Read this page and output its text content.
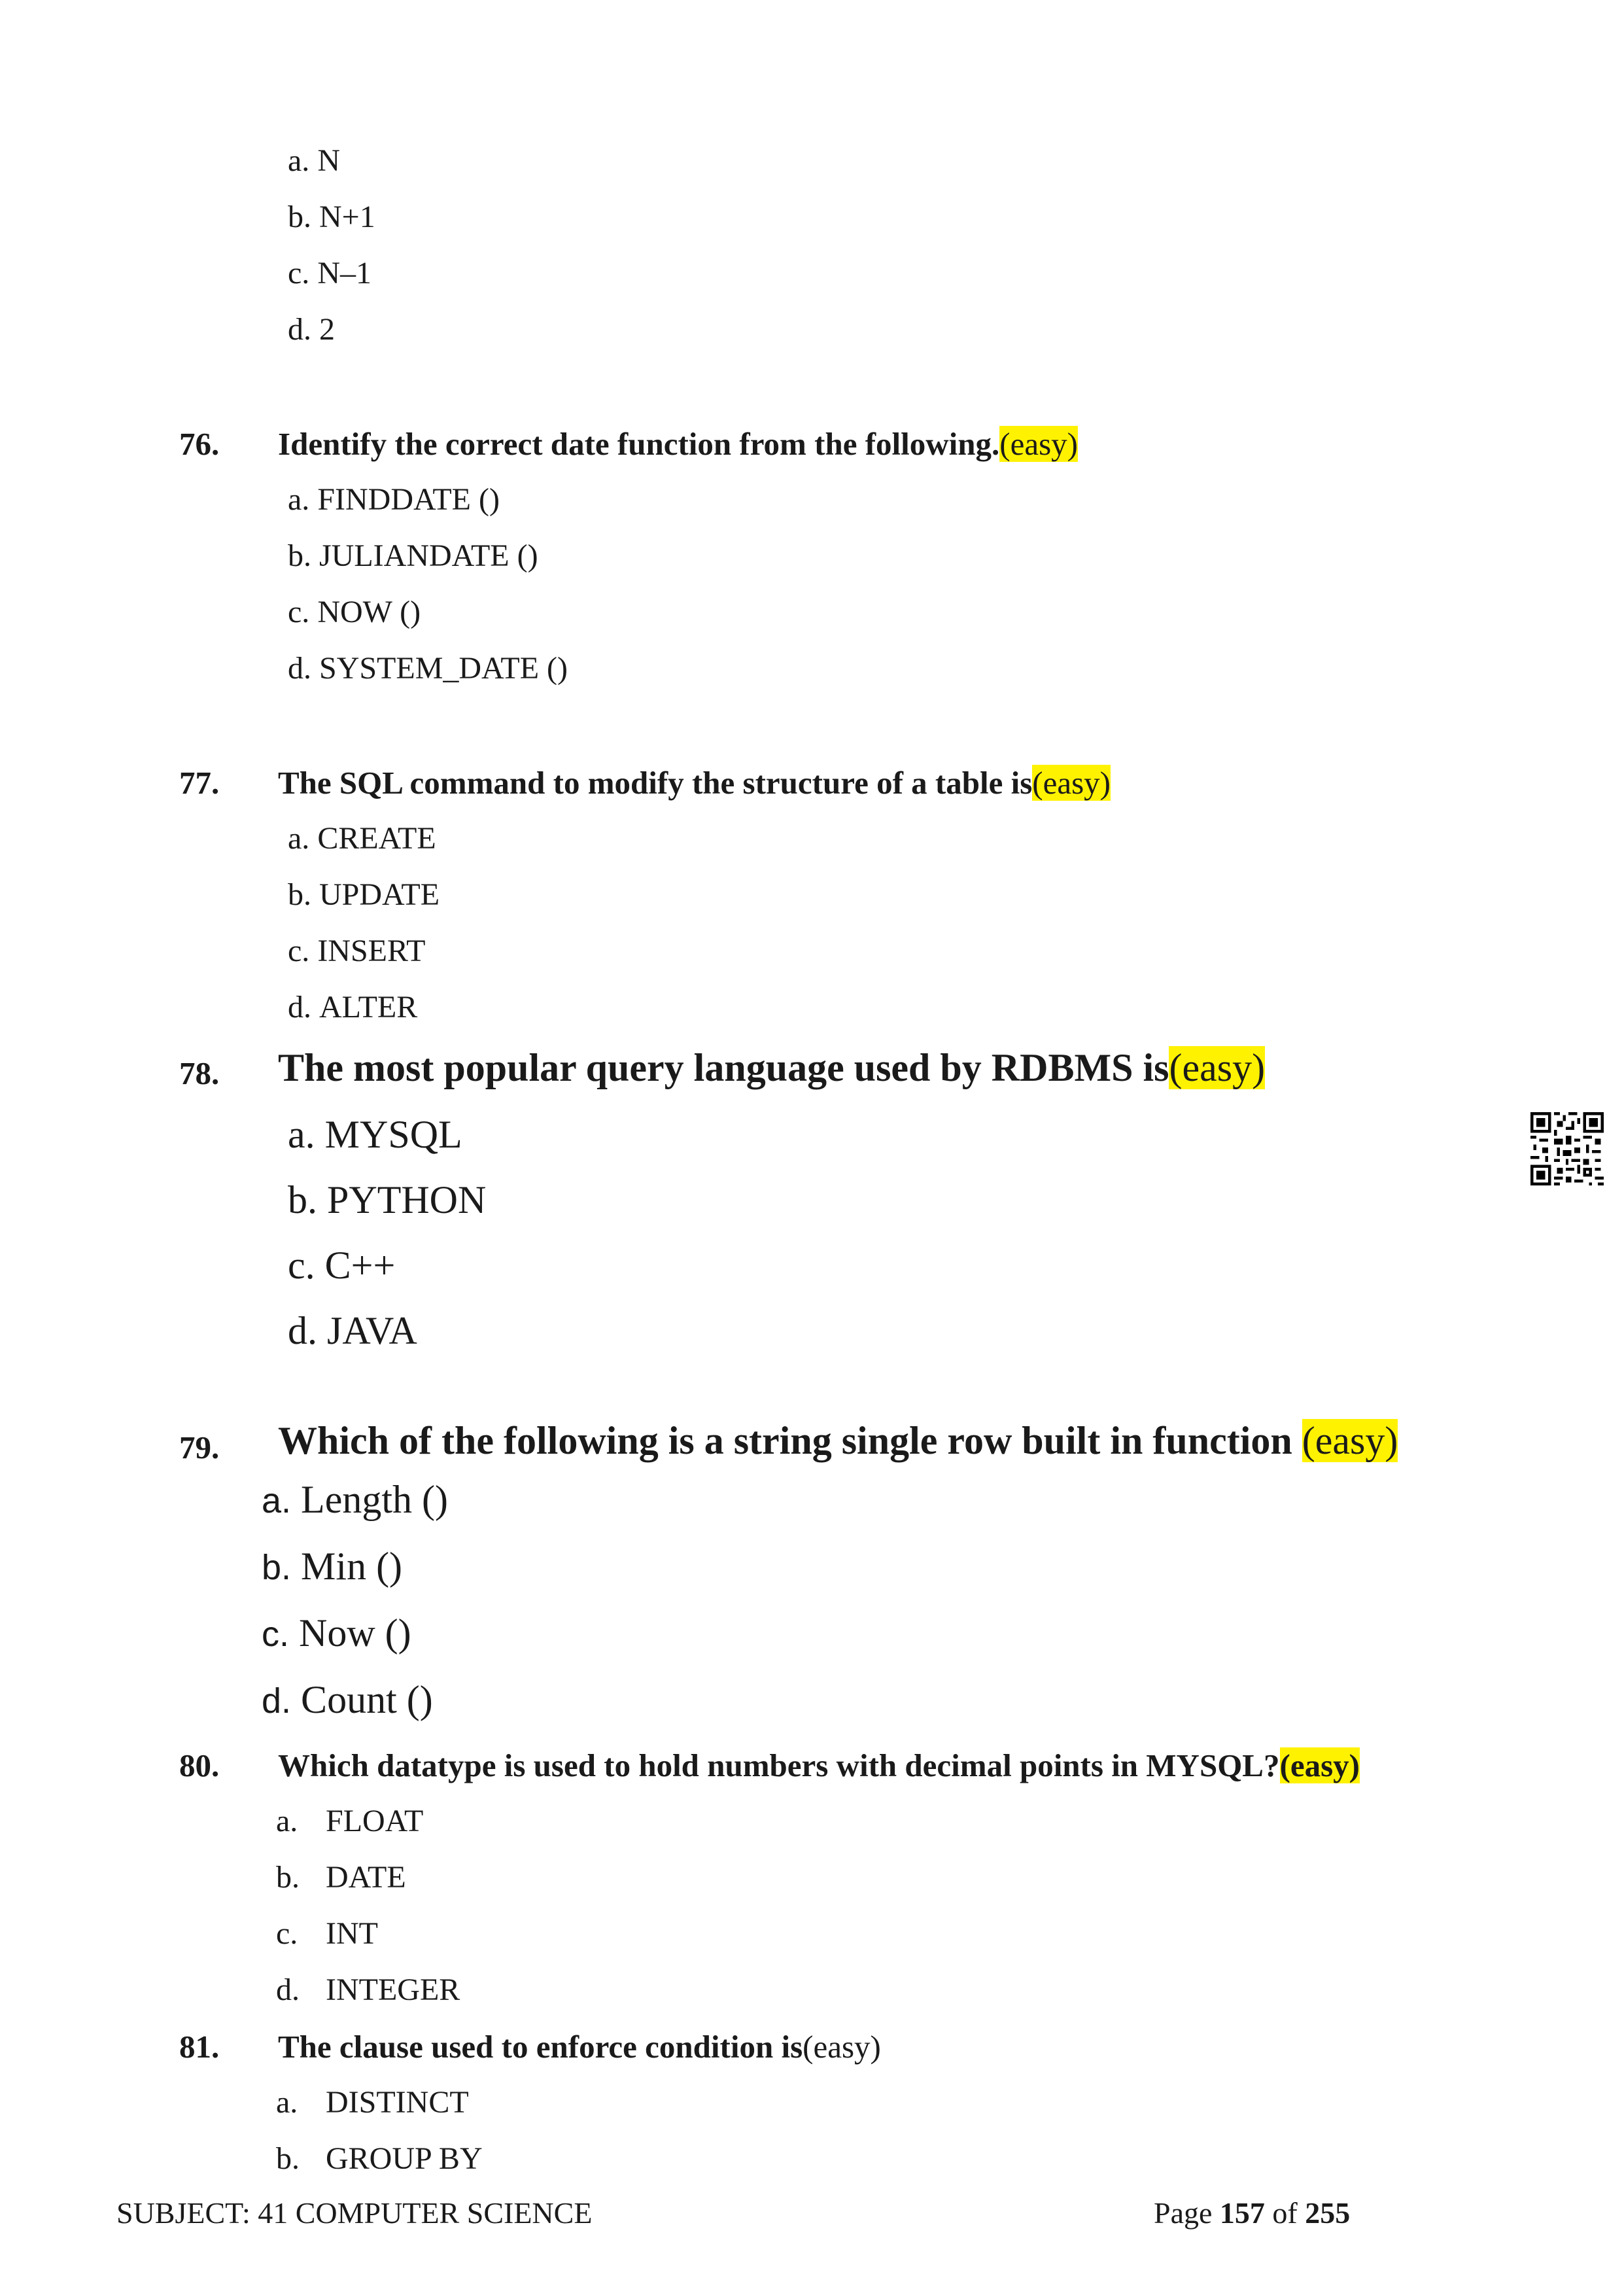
a. N
b. N+1
c. N–1
d. 2
76. Identify the correct date function from the following.(easy)
a. FINDDATE ()
b. JULIANDATE ()
c. NOW ()
d. SYSTEM_DATE ()
77. The SQL command to modify the structure of a table is(easy)
a. CREATE
b. UPDATE
c. INSERT
d. ALTER
78. The most popular query language used by RDBMS is(easy)
a. MYSQL
b. PYTHON
c. C++
d. JAVA
79. Which of the following is a string single row built in function (easy)
a. Length ()
b. Min ()
c. Now ()
d. Count ()
80. Which datatype is used to hold numbers with decimal points in MYSQL?(easy)
a. FLOAT
b. DATE
c. INT
d. INTEGER
81. The clause used to enforce condition is(easy)
a. DISTINCT
b. GROUP BY
SUBJECT: 41 COMPUTER SCIENCE	Page 157 of 255
